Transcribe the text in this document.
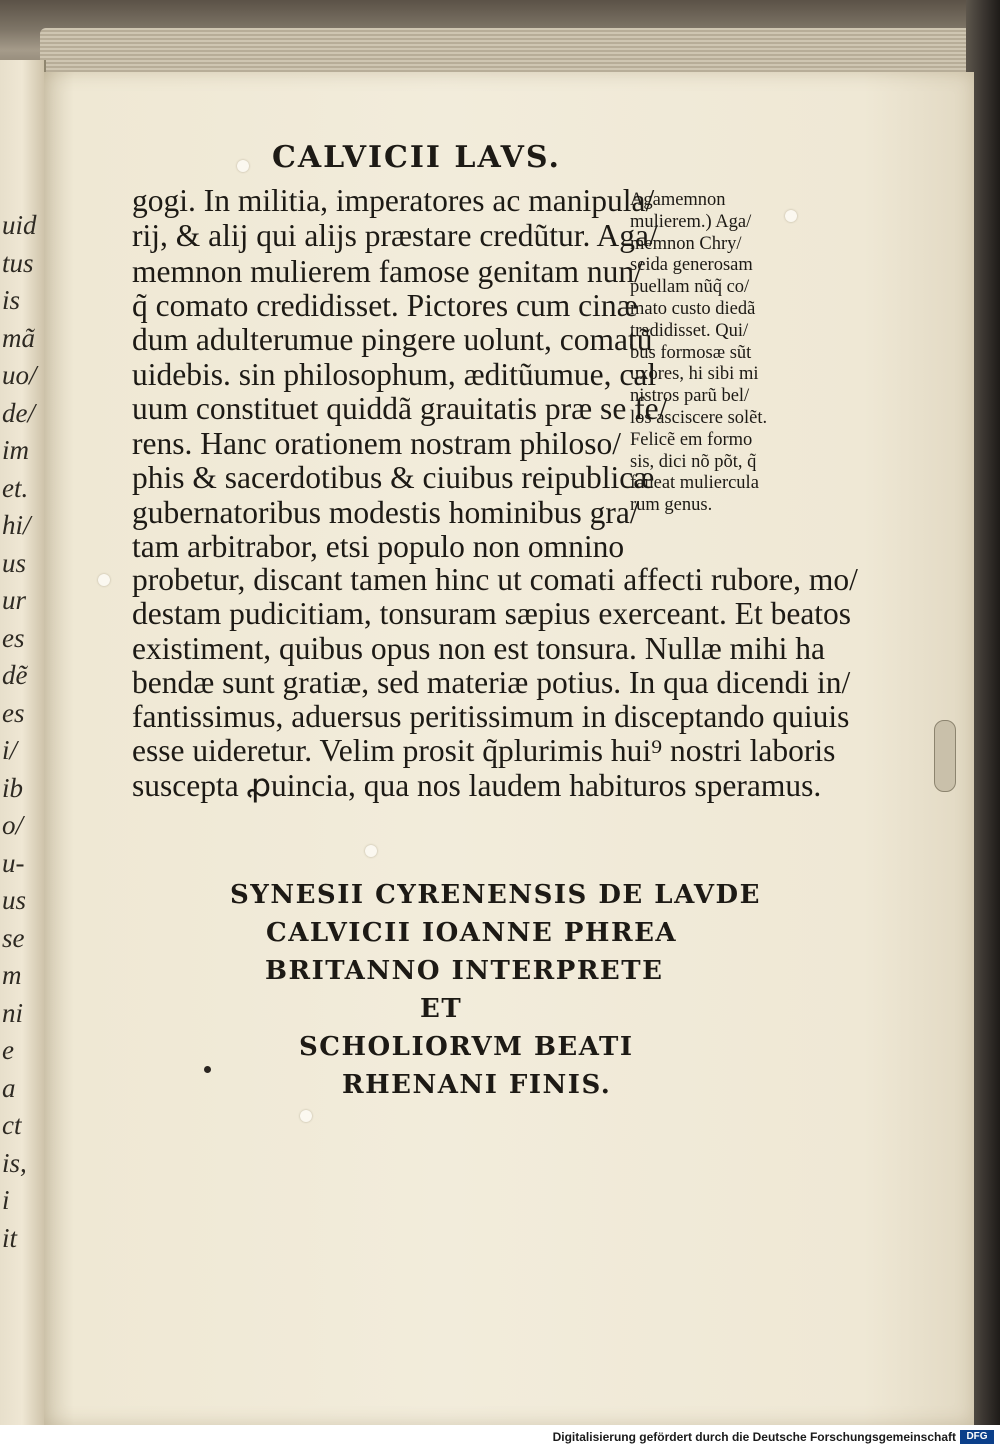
uid
tus
is
mã
uo/
de/
im
et.
hi/
us
ur
es
dẽ
es
i/
ib
o/
u-
us
se
m
ni
e
a
ct
is,
i
it
CALVICII LAVS.
gogi. In militia, imperatores ac manipula/
rij, & alij qui alijs præstare credũtur. Aga/
memnon mulierem famose genitam nun/
q̃ comato credidisset. Pictores cum cinæ
dum adulterumue pingere uolunt, comatũ
uidebis. sin philosophum, æditũumue, cal
uum constituet quiddã grauitatis præ se fe/
rens. Hanc orationem nostram philoso/
phis & sacerdotibus & ciuibus reipublicæ
gubernatoribus modestis hominibus gra/
tam arbitrabor, etsi populo non omnino
probetur, discant tamen hinc ut comati affecti rubore, mo/
destam pudicitiam, tonsuram sæpius exerceant. Et beatos
existiment, quibus opus non est tonsura. Nullæ mihi ha
bendæ sunt gratiæ, sed materiæ potius. In qua dicendi in/
fantissimus, aduersus peritissimum in disceptando quiuis
esse uideretur. Velim prosit q̃plurimis hui⁹ nostri laboris
suscepta ꝓuincia, qua nos laudem habituros speramus.
Agamemnon
mulierem.) Aga/
memnon Chry/
seida generosam
puellam nũq̃ co/
mato custo diedã
tradidisset. Qui/
bus formosæ sũt
uxores, hi sibi mi
nistros parũ bel/
los asciscere solẽt.
Felicẽ em formo
sis, dici nõ põt, q̃
faueat muliercula
rum genus.
SYNESII CYRENENSIS DE LAVDE
CALVICII IOANNE PHREA
BRITANNO INTERPRETE
ET
SCHOLIORVM BEATI
RHENANI FINIS.
Digitalisierung gefördert durch die Deutsche Forschungsgemeinschaft	DFG
